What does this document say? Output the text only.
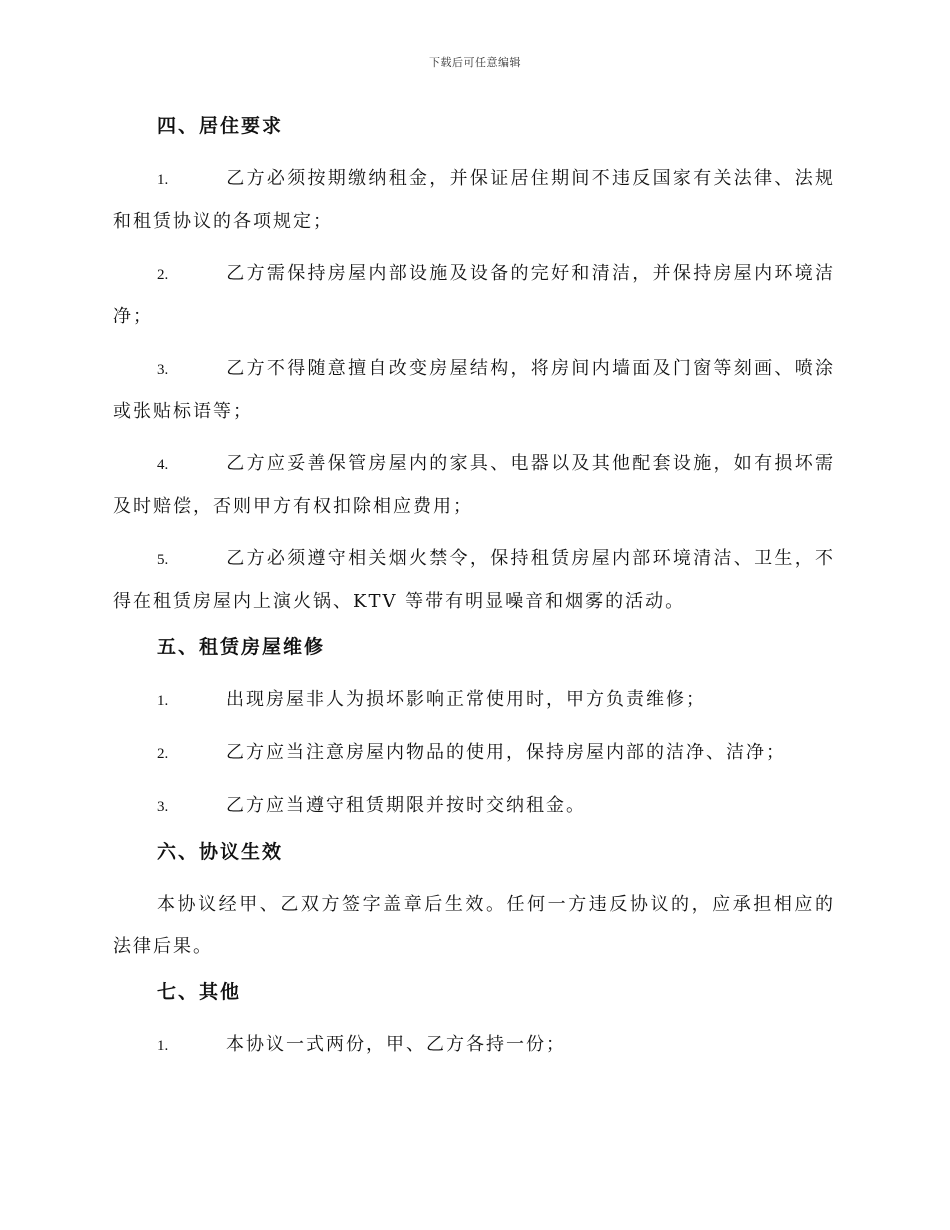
下载后可任意编辑
四、居住要求
1.	乙方必须按期缴纳租金，并保证居住期间不违反国家有关法律、法规和租赁协议的各项规定；
2.	乙方需保持房屋内部设施及设备的完好和清洁，并保持房屋内环境洁净；
3.	乙方不得随意擅自改变房屋结构，将房间内墙面及门窗等刻画、喷涂或张贴标语等；
4.	乙方应妥善保管房屋内的家具、电器以及其他配套设施，如有损坏需及时赔偿，否则甲方有权扣除相应费用；
5.	乙方必须遵守相关烟火禁令，保持租赁房屋内部环境清洁、卫生，不得在租赁房屋内上演火锅、KTV 等带有明显噪音和烟雾的活动。
五、租赁房屋维修
1.	出现房屋非人为损坏影响正常使用时，甲方负责维修；
2.	乙方应当注意房屋内物品的使用，保持房屋内部的洁净、洁净；
3.	乙方应当遵守租赁期限并按时交纳租金。
六、协议生效
本协议经甲、乙双方签字盖章后生效。任何一方违反协议的，应承担相应的法律后果。
七、其他
1.	本协议一式两份，甲、乙方各持一份；
